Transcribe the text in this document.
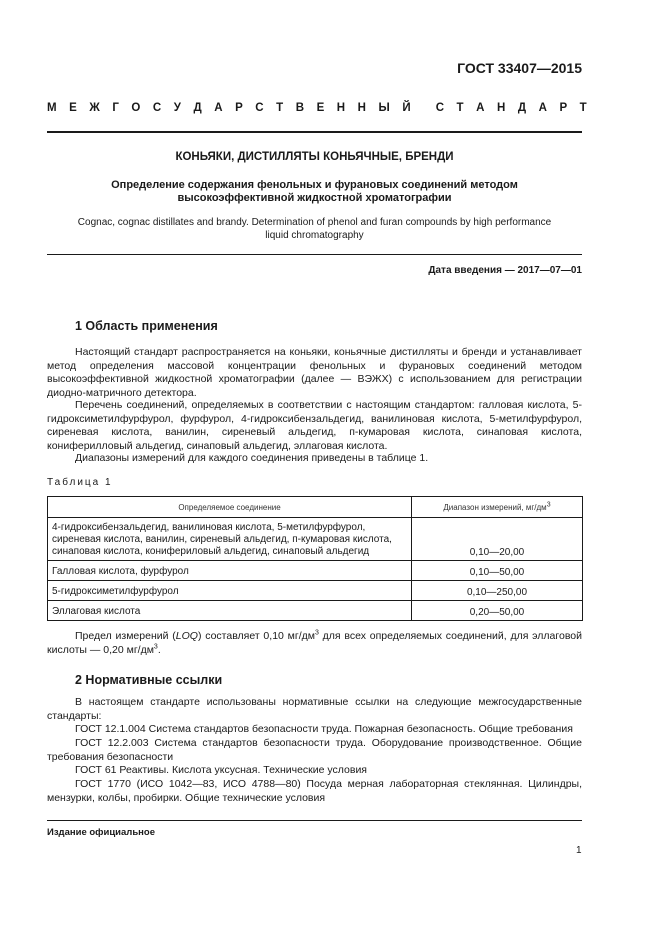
ГОСТ 33407—2015
М Е Ж Г О С У Д А Р С Т В Е Н Н Ы Й С Т А Н Д А Р Т
КОНЬЯКИ, ДИСТИЛЛЯТЫ КОНЬЯЧНЫЕ, БРЕНДИ
Определение содержания фенольных и фурановых соединений методом
высокоэффективной жидкостной хроматографии
Cognac, cognac distillates and brandy. Determination of phenol and furan compounds by high performance
liquid chromatography
Дата введения — 2017—07—01
1 Область применения
Настоящий стандарт распространяется на коньяки, коньячные дистилляты и бренди и устанавливает метод определения массовой концентрации фенольных и фурановых соединений методом высокоэффективной жидкостной хроматографии (далее — ВЭЖХ) с использованием для регистрации диодно-матричного детектора.
Перечень соединений, определяемых в соответствии с настоящим стандартом: галловая кислота, 5-гидроксиметилфурфурол, фурфурол, 4-гидроксибензальдегид, ванилиновая кислота, 5-метилфурфурол, сиреневая кислота, ванилин, сиреневый альдегид, п-кумаровая кислота, синаповая кислота, кониферилловый альдегид, синаповый альдегид, эллаговая кислота.
Диапазоны измерений для каждого соединения приведены в таблице 1.
Таблица 1
Определяемое соединение	Диапазон измерений, $мг/дм^3$
4-гидроксибензальдегид, ванилиновая кислота, 5-метилфурфурол, сиреневая кислота, ванилин, сиреневый альдегид, п-кумаровая кислота, синаповая кислота, конифериловый альдегид, синаповый альдегид	0,10—20,00
Галловая кислота, фурфурол	0,10—50,00
5-гидроксиметилфурфурол	0,10—250,00
Эллаговая кислота	0,20—50,00
Предел измерений (LOQ) составляет 0,10 $мг/дм^3$ для всех определяемых соединений, для эллаговой кислоты — 0,20 $мг/дм^3$.
2 Нормативные ссылки
В настоящем стандарте использованы нормативные ссылки на следующие межгосударственные стандарты:
ГОСТ 12.1.004 Система стандартов безопасности труда. Пожарная безопасность. Общие требования
ГОСТ 12.2.003 Система стандартов безопасности труда. Оборудование производственное. Общие требования безопасности
ГОСТ 61 Реактивы. Кислота уксусная. Технические условия
ГОСТ 1770 (ИСО 1042—83, ИСО 4788—80) Посуда мерная лабораторная стеклянная. Цилиндры, мензурки, колбы, пробирки. Общие технические условия
Издание официальное
1
